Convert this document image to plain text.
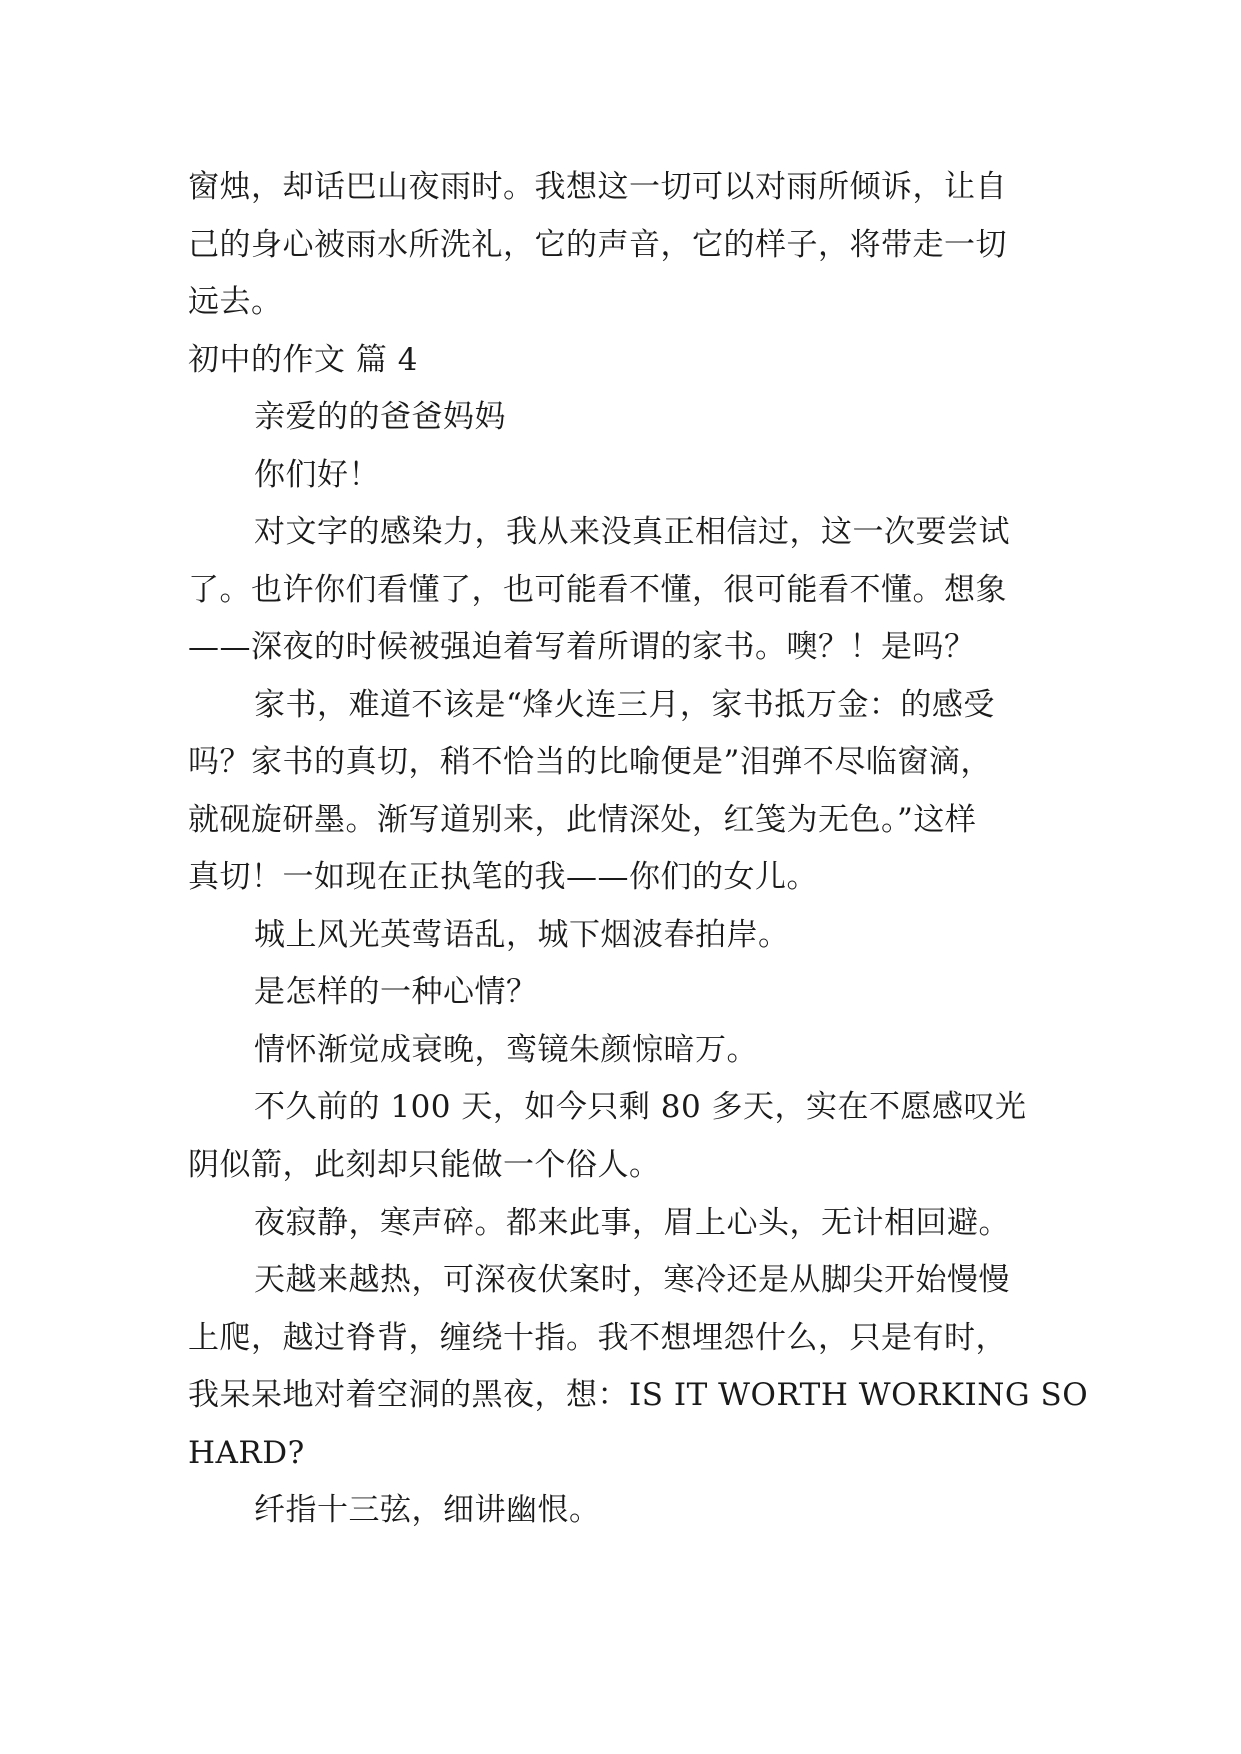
窗烛，却话巴山夜雨时。我想这一切可以对雨所倾诉，让自
己的身心被雨水所洗礼，它的声音，它的样子，将带走一切
远去。
初中的作文 篇 4
亲爱的的爸爸妈妈
你们好！
对文字的感染力，我从来没真正相信过，这一次要尝试
了。也许你们看懂了，也可能看不懂，很可能看不懂。想象
——深夜的时候被强迫着写着所谓的家书。噢？！是吗？
家书，难道不该是“烽火连三月，家书抵万金：的感受
吗？家书的真切，稍不恰当的比喻便是”泪弹不尽临窗滴，
就砚旋研墨。渐写道别来，此情深处，红笺为无色。”这样
真切！一如现在正执笔的我——你们的女儿。
城上风光英莺语乱，城下烟波春拍岸。
是怎样的一种心情？
情怀渐觉成衰晚，鸾镜朱颜惊暗万。
不久前的 100 天，如今只剩 80 多天，实在不愿感叹光
阴似箭，此刻却只能做一个俗人。
夜寂静，寒声碎。都来此事，眉上心头，无计相回避。
天越来越热，可深夜伏案时，寒冷还是从脚尖开始慢慢
上爬，越过脊背，缠绕十指。我不想埋怨什么，只是有时，
我呆呆地对着空洞的黑夜，想：IS IT WORTH WORKING SO
HARD?
纤指十三弦，细讲幽恨。
